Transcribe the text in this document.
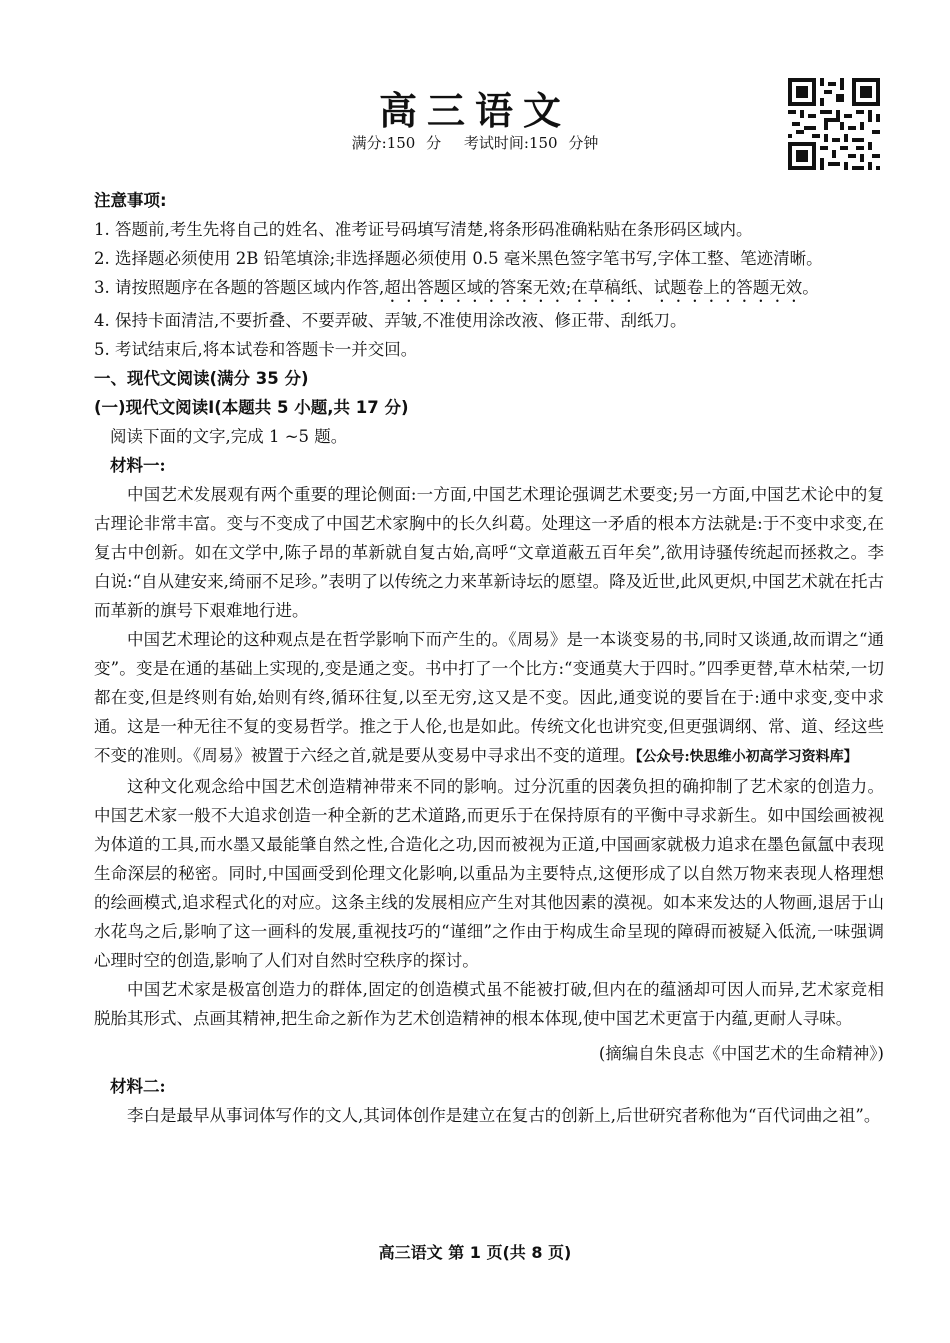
高三语文
满分:150 分 考试时间:150 分钟
注意事项:
1. 答题前,考生先将自己的姓名、准考证号码填写清楚,将条形码准确粘贴在条形码区域内。
2. 选择题必须使用 2B 铅笔填涂;非选择题必须使用 0.5 毫米黑色签字笔书写,字体工整、笔迹清晰。
3. 请按照题序在各题的答题区域内作答,超出答题区域的答案无效;在草稿纸、试题卷上的答题无效。
4. 保持卡面清洁,不要折叠、不要弄破、弄皱,不准使用涂改液、修正带、刮纸刀。
5. 考试结束后,将本试卷和答题卡一并交回。
一、现代文阅读(满分 35 分)
(一)现代文阅读Ⅰ(本题共 5 小题,共 17 分)
阅读下面的文字,完成 1 ~5 题。
材料一:

中国艺术发展观有两个重要的理论侧面:一方面,中国艺术理论强调艺术要变;另一方面,中国艺术论中的复古理论非常丰富。变与不变成了中国艺术家胸中的长久纠葛。处理这一矛盾的根本方法就是:于不变中求变,在复古中创新。如在文学中,陈子昂的革新就自复古始,高呼“文章道蔽五百年矣”,欲用诗骚传统起而拯救之。李白说:“自从建安来,绮丽不足珍。”表明了以传统之力来革新诗坛的愿望。降及近世,此风更炽,中国艺术就在托古而革新的旗号下艰难地行进。

中国艺术理论的这种观点是在哲学影响下而产生的。《周易》是一本谈变易的书,同时又谈通,故而谓之“通变”。变是在通的基础上实现的,变是通之变。书中打了一个比方:“变通莫大于四时。”四季更替,草木枯荣,一切都在变,但是终则有始,始则有终,循环往复,以至无穷,这又是不变。因此,通变说的要旨在于:通中求变,变中求通。这是一种无往不复的变易哲学。推之于人伦,也是如此。传统文化也讲究变,但更强调纲、常、道、经这些不变的准则。《周易》被置于六经之首,就是要从变易中寻求出不变的道理。【公众号:快思维小初高学习资料库】

这种文化观念给中国艺术创造精神带来不同的影响。过分沉重的因袭负担的确抑制了艺术家的创造力。中国艺术家一般不大追求创造一种全新的艺术道路,而更乐于在保持原有的平衡中寻求新生。如中国绘画被视为体道的工具,而水墨又最能肇自然之性,合造化之功,因而被视为正道,中国画家就极力追求在墨色氤氲中表现生命深层的秘密。同时,中国画受到伦理文化影响,以重品为主要特点,这便形成了以自然万物来表现人格理想的绘画模式,追求程式化的对应。这条主线的发展相应产生对其他因素的漠视。如本来发达的人物画,退居于山水花鸟之后,影响了这一画科的发展,重视技巧的“谨细”之作由于构成生命呈现的障碍而被疑入低流,一味强调心理时空的创造,影响了人们对自然时空秩序的探讨。

中国艺术家是极富创造力的群体,固定的创造模式虽不能被打破,但内在的蕴涵却可因人而异,艺术家竞相脱胎其形式、点画其精神,把生命之新作为艺术创造精神的根本体现,使中国艺术更富于内蕴,更耐人寻味。

(摘编自朱良志《中国艺术的生命精神》)
材料二:

李白是最早从事词体写作的文人,其词体创作是建立在复古的创新上,后世研究者称他为“百代词曲之祖”。

高三语文 第 1 页(共 8 页)
